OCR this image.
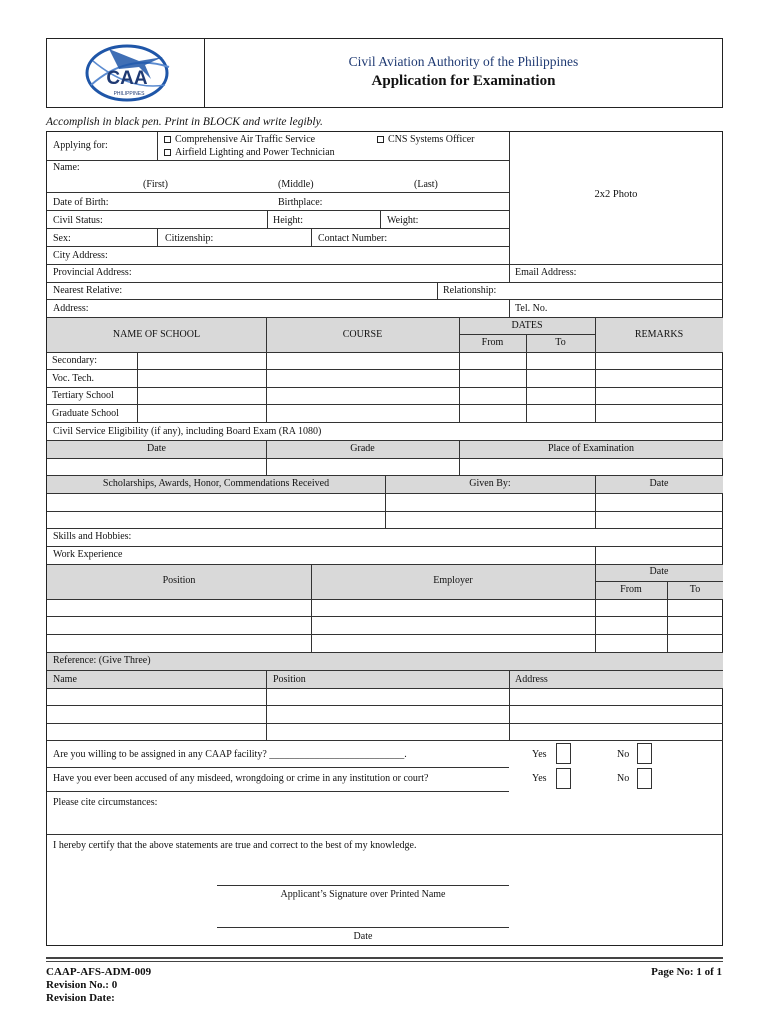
CAA
PHILIPPINES
Civil Aviation Authority of the Philippines
Application for Examination
Accomplish in black pen. Print in BLOCK and write legibly.
Applying for:
Comprehensive Air Traffic Service	CNS Systems Officer
Airfield Lighting and Power Technician
2x2 Photo
Name:
(First)	(Middle)	(Last)
Date of Birth:	Birthplace:
Civil Status:	Height:	Weight:
Sex:	Citizenship:	Contact Number:
City Address:
Provincial Address:	Email Address:
Nearest Relative:	Relationship:
Address:	Tel. No.
NAME OF SCHOOL	COURSE
DATES
From	To
REMARKS
Secondary:
Voc. Tech.
Tertiary School
Graduate School
Civil Service Eligibility (if any), including Board Exam (RA 1080)
Date	Grade	Place of Examination
Scholarships, Awards, Honor, Commendations Received	Given By:	Date
Skills and Hobbies:
Work Experience
Position	Employer
Date
From	To
Reference: (Give Three)
Name	Position	Address
Are you willing to be assigned in any CAAP facility? ___________________________.
Have you ever been accused of any misdeed, wrongdoing or crime in any institution or court?
Yes	No
Yes	No
Please cite circumstances:
I hereby certify that the above statements are true and correct to the best of my knowledge.
Applicant’s Signature over Printed Name
Date
CAAP-AFS-ADM-009
Revision No.: 0
Revision Date:
Page No: 1 of 1
